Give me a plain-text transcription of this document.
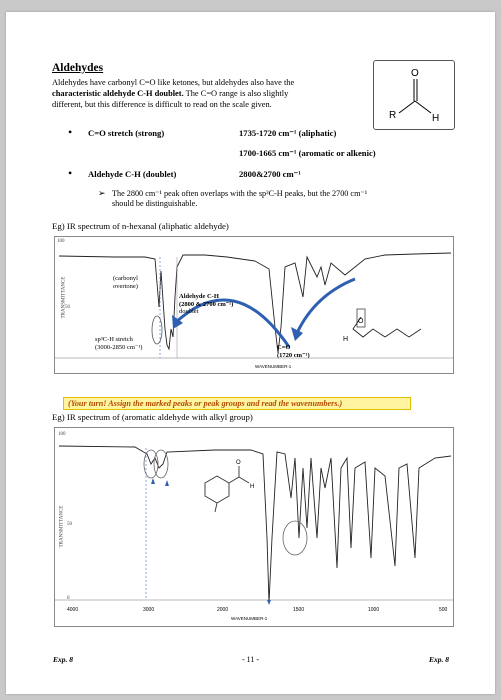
Aldehydes
Aldehydes have carbonyl C=O like ketones, but aldehydes also have the
characteristic aldehyde C-H doublet. The C=O range is also slightly
different, but this difference is difficult to read on the scale given.
O
R	H
• C=O stretch (strong)	1735-1720 cm⁻¹ (aliphatic)
1700-1665 cm⁻¹ (aromatic or alkenic)
• Aldehyde C-H (doublet)	2800&2700 cm⁻¹
➢ The 2800 cm⁻¹ peak often overlaps with the sp³C-H peaks, but the 2700 cm⁻¹
should be distinguishable.
Eg) IR spectrum of n-hexanal (aliphatic aldehyde)
O
H
WAVENUMBER-1
100
50
TRANSMITTANCE	(carbonyl
overtone)
Aldehyde C-H
(2800 & 2700 cm⁻¹)
doublet
sp³C-H stretch
(3000-2850 cm⁻¹)	C=O
(1720 cm⁻¹)
(Your turn! Assign the marked peaks or peak groups and read the wavenumbers.)
Eg) IR spectrum of (aromatic aldehyde with alkyl group)
O
H
4000	3000	2000	1500	1000	500
WAVENUMBER-1
100
50
0
TRANSMITTANCE
Exp. 8	- 11 -	Exp. 8
